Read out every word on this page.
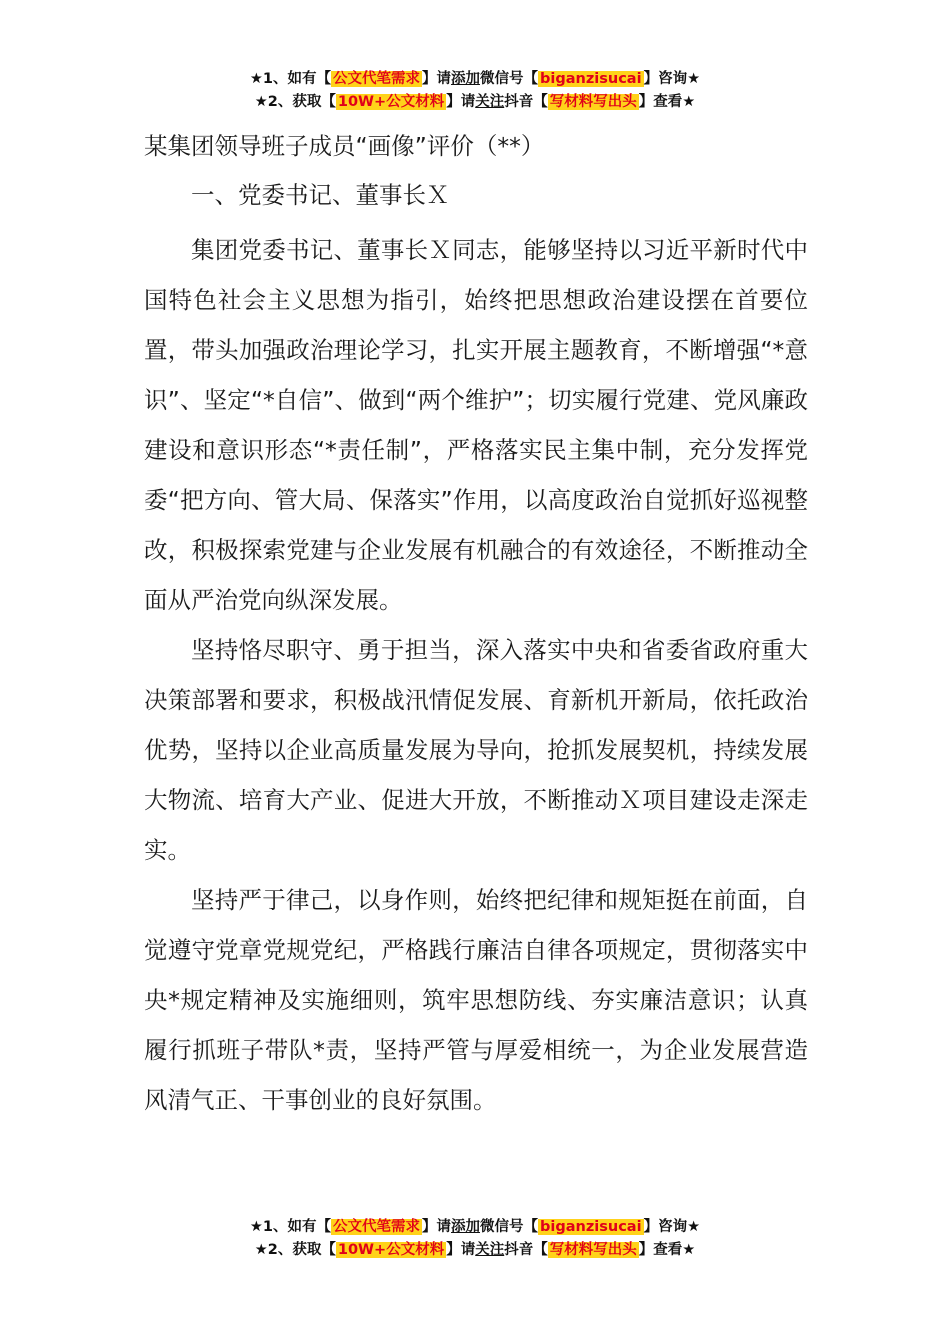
★1、如有【 公文代笔需求 】请添加微信号【 biganzisucai 】咨询★
★2、获取【 10W+公文材料 】请关注抖音【 写材料写出头 】查看★
某集团领导班子成员“画像”评价（**）
一、党委书记、董事长Ｘ

集团党委书记、董事长Ｘ同志，能够坚持以习近平新时代中国特色社会主义思想为指引，始终把思想政治建设摆在首要位置，带头加强政治理论学习，扎实开展主题教育，不断增强“*意识”、坚定“*自信”、做到“两个维护”；切实履行党建、党风廉政建设和意识形态“*责任制”，严格落实民主集中制，充分发挥党委“把方向、管大局、保落实”作用，以高度政治自觉抓好巡视整改，积极探索党建与企业发展有机融合的有效途径，不断推动全面从严治党向纵深发展。

坚持恪尽职守、勇于担当，深入落实中央和省委省政府重大决策部署和要求，积极战汛情促发展、育新机开新局，依托政治优势，坚持以企业高质量发展为导向，抢抓发展契机，持续发展大物流、培育大产业、促进大开放，不断推动Ｘ项目建设走深走实。

坚持严于律己，以身作则，始终把纪律和规矩挺在前面，自觉遵守党章党规党纪，严格践行廉洁自律各项规定，贯彻落实中央*规定精神及实施细则，筑牢思想防线、夯实廉洁意识；认真履行抓班子带队*责，坚持严管与厚爱相统一，为企业发展营造风清气正、干事创业的良好氛围。

★1、如有【 公文代笔需求 】请添加微信号【 biganzisucai 】咨询★
★2、获取【 10W+公文材料 】请关注抖音【 写材料写出头 】查看★
